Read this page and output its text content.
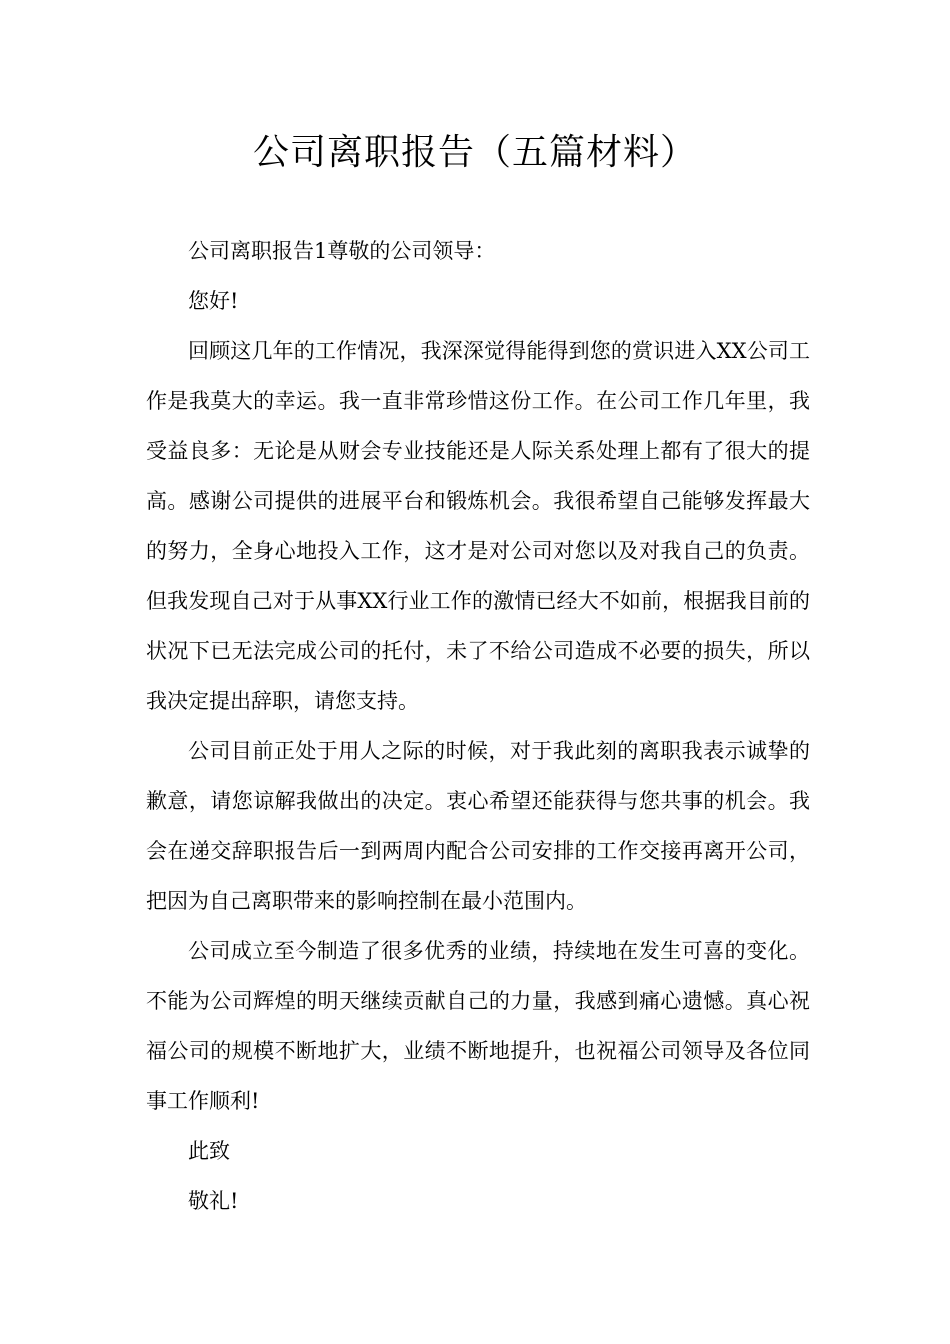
公司离职报告（五篇材料）

公司离职报告1尊敬的公司领导：

您好!

回顾这几年的工作情况，我深深觉得能得到您的赏识进入XX公司工作是我莫大的幸运。我一直非常珍惜这份工作。在公司工作几年里，我受益良多：无论是从财会专业技能还是人际关系处理上都有了很大的提高。感谢公司提供的进展平台和锻炼机会。我很希望自己能够发挥最大的努力，全身心地投入工作，这才是对公司对您以及对我自己的负责。但我发现自己对于从事XX行业工作的激情已经大不如前，根据我目前的状况下已无法完成公司的托付，未了不给公司造成不必要的损失，所以我决定提出辞职，请您支持。

公司目前正处于用人之际的时候，对于我此刻的离职我表示诚挚的歉意，请您谅解我做出的决定。衷心希望还能获得与您共事的机会。我会在递交辞职报告后一到两周内配合公司安排的工作交接再离开公司，把因为自己离职带来的影响控制在最小范围内。

公司成立至今制造了很多优秀的业绩，持续地在发生可喜的变化。不能为公司辉煌的明天继续贡献自己的力量，我感到痛心遗憾。真心祝福公司的规模不断地扩大，业绩不断地提升，也祝福公司领导及各位同事工作顺利!

此致

敬礼!
